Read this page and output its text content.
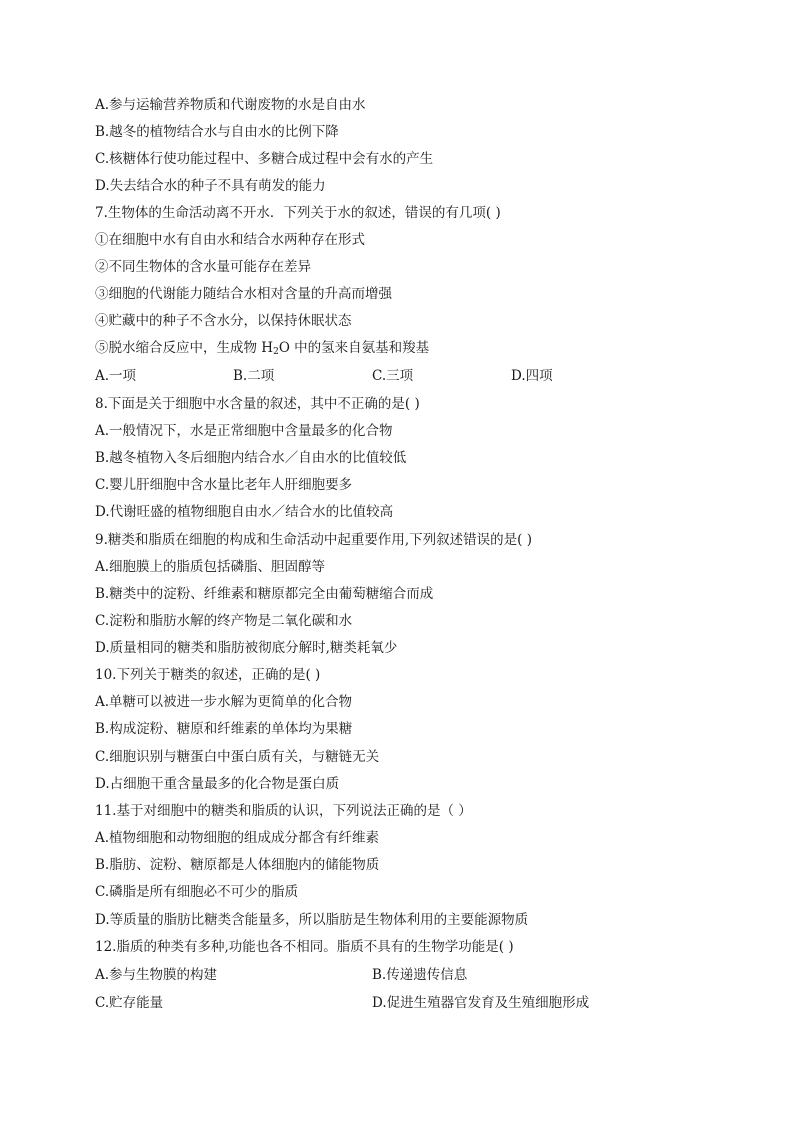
A.参与运输营养物质和代谢废物的水是自由水
B.越冬的植物结合水与自由水的比例下降
C.核糖体行使功能过程中、多糖合成过程中会有水的产生
D.失去结合水的种子不具有萌发的能力
7.生物体的生命活动离不开水．下列关于水的叙述，错误的有几项( )
①在细胞中水有自由水和结合水两种存在形式
②不同生物体的含水量可能存在差异
③细胞的代谢能力随结合水相对含量的升高而增强
④贮藏中的种子不含水分，以保持休眠状态
⑤脱水缩合反应中，生成物 $H_2O$ 中的氢来自氨基和羧基
A.一项	B.二项	C.三项	D.四项
8.下面是关于细胞中水含量的叙述，其中不正确的是( )
A.一般情况下，水是正常细胞中含量最多的化合物
B.越冬植物入冬后细胞内结合水／自由水的比值较低
C.婴儿肝细胞中含水量比老年人肝细胞要多
D.代谢旺盛的植物细胞自由水／结合水的比值较高
9.糖类和脂质在细胞的构成和生命活动中起重要作用,下列叙述错误的是( )
A.细胞膜上的脂质包括磷脂、胆固醇等
B.糖类中的淀粉、纤维素和糖原都完全由葡萄糖缩合而成
C.淀粉和脂肪水解的终产物是二氧化碳和水
D.质量相同的糖类和脂肪被彻底分解时,糖类耗氧少
10.下列关于糖类的叙述，正确的是( )
A.单糖可以被进一步水解为更简单的化合物
B.构成淀粉、糖原和纤维素的单体均为果糖
C.细胞识别与糖蛋白中蛋白质有关，与糖链无关
D.占细胞干重含量最多的化合物是蛋白质
11.基于对细胞中的糖类和脂质的认识，下列说法正确的是（ ）
A.植物细胞和动物细胞的组成成分都含有纤维素
B.脂肪、淀粉、糖原都是人体细胞内的储能物质
C.磷脂是所有细胞必不可少的脂质
D.等质量的脂肪比糖类含能量多，所以脂肪是生物体利用的主要能源物质
12.脂质的种类有多种,功能也各不相同。脂质不具有的生物学功能是( )
A.参与生物膜的构建	B.传递遗传信息
C.贮存能量	D.促进生殖器官发育及生殖细胞形成
